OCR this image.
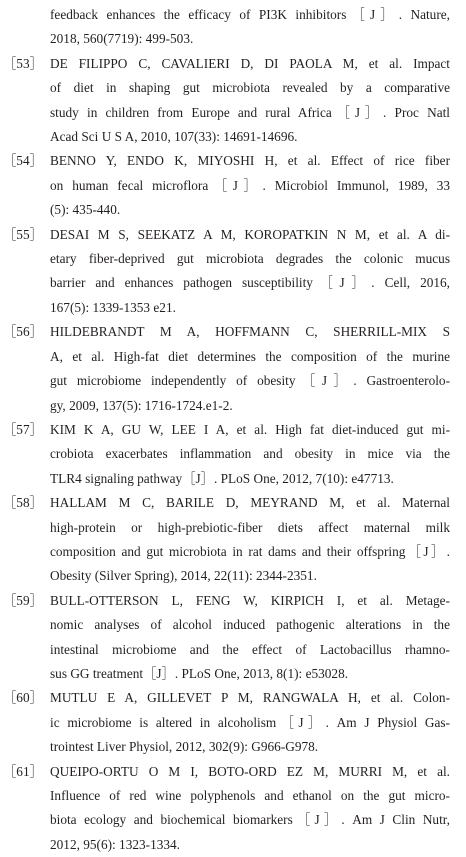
feedback enhances the efficacy of PI3K inhibitors［J］. Nature,
2018, 560(7719): 499-503.
［53］ DE FILIPPO C, CAVALIERI D, DI PAOLA M, et al. Impact
of diet in shaping gut microbiota revealed by a comparative
study in children from Europe and rural Africa［J］. Proc Natl
Acad Sci U S A, 2010, 107(33): 14691-14696.
［54］ BENNO Y, ENDO K, MIYOSHI H, et al. Effect of rice fiber
on human fecal microflora［J］. Microbiol Immunol, 1989, 33
(5): 435-440.
［55］ DESAI M S, SEEKATZ A M, KOROPATKIN N M, et al. A di-
etary fiber-deprived gut microbiota degrades the colonic mucus
barrier and enhances pathogen susceptibility［J］. Cell, 2016,
167(5): 1339-1353 e21.
［56］ HILDEBRANDT M A, HOFFMANN C, SHERRILL-MIX S
A, et al. High-fat diet determines the composition of the murine
gut microbiome independently of obesity［J］. Gastroenterolo-
gy, 2009, 137(5): 1716-1724.e1-2.
［57］ KIM K A, GU W, LEE I A, et al. High fat diet-induced gut mi-
crobiota exacerbates inflammation and obesity in mice via the
TLR4 signaling pathway［J］. PLoS One, 2012, 7(10): e47713.
［58］ HALLAM M C, BARILE D, MEYRAND M, et al. Maternal
high-protein or high-prebiotic-fiber diets affect maternal milk
composition and gut microbiota in rat dams and their offspring［J］.
Obesity (Silver Spring), 2014, 22(11): 2344-2351.
［59］ BULL-OTTERSON L, FENG W, KIRPICH I, et al. Metage-
nomic analyses of alcohol induced pathogenic alterations in the
intestinal microbiome and the effect of Lactobacillus rhamno-
sus GG treatment［J］. PLoS One, 2013, 8(1): e53028.
［60］ MUTLU E A, GILLEVET P M, RANGWALA H, et al. Colon-
ic microbiome is altered in alcoholism［J］. Am J Physiol Gas-
trointest Liver Physiol, 2012, 302(9): G966-G978.
［61］ QUEIPO-ORTU O M I, BOTO-ORD EZ M, MURRI M, et al.
Influence of red wine polyphenols and ethanol on the gut micro-
biota ecology and biochemical biomarkers［J］. Am J Clin Nutr,
2012, 95(6): 1323-1334.
